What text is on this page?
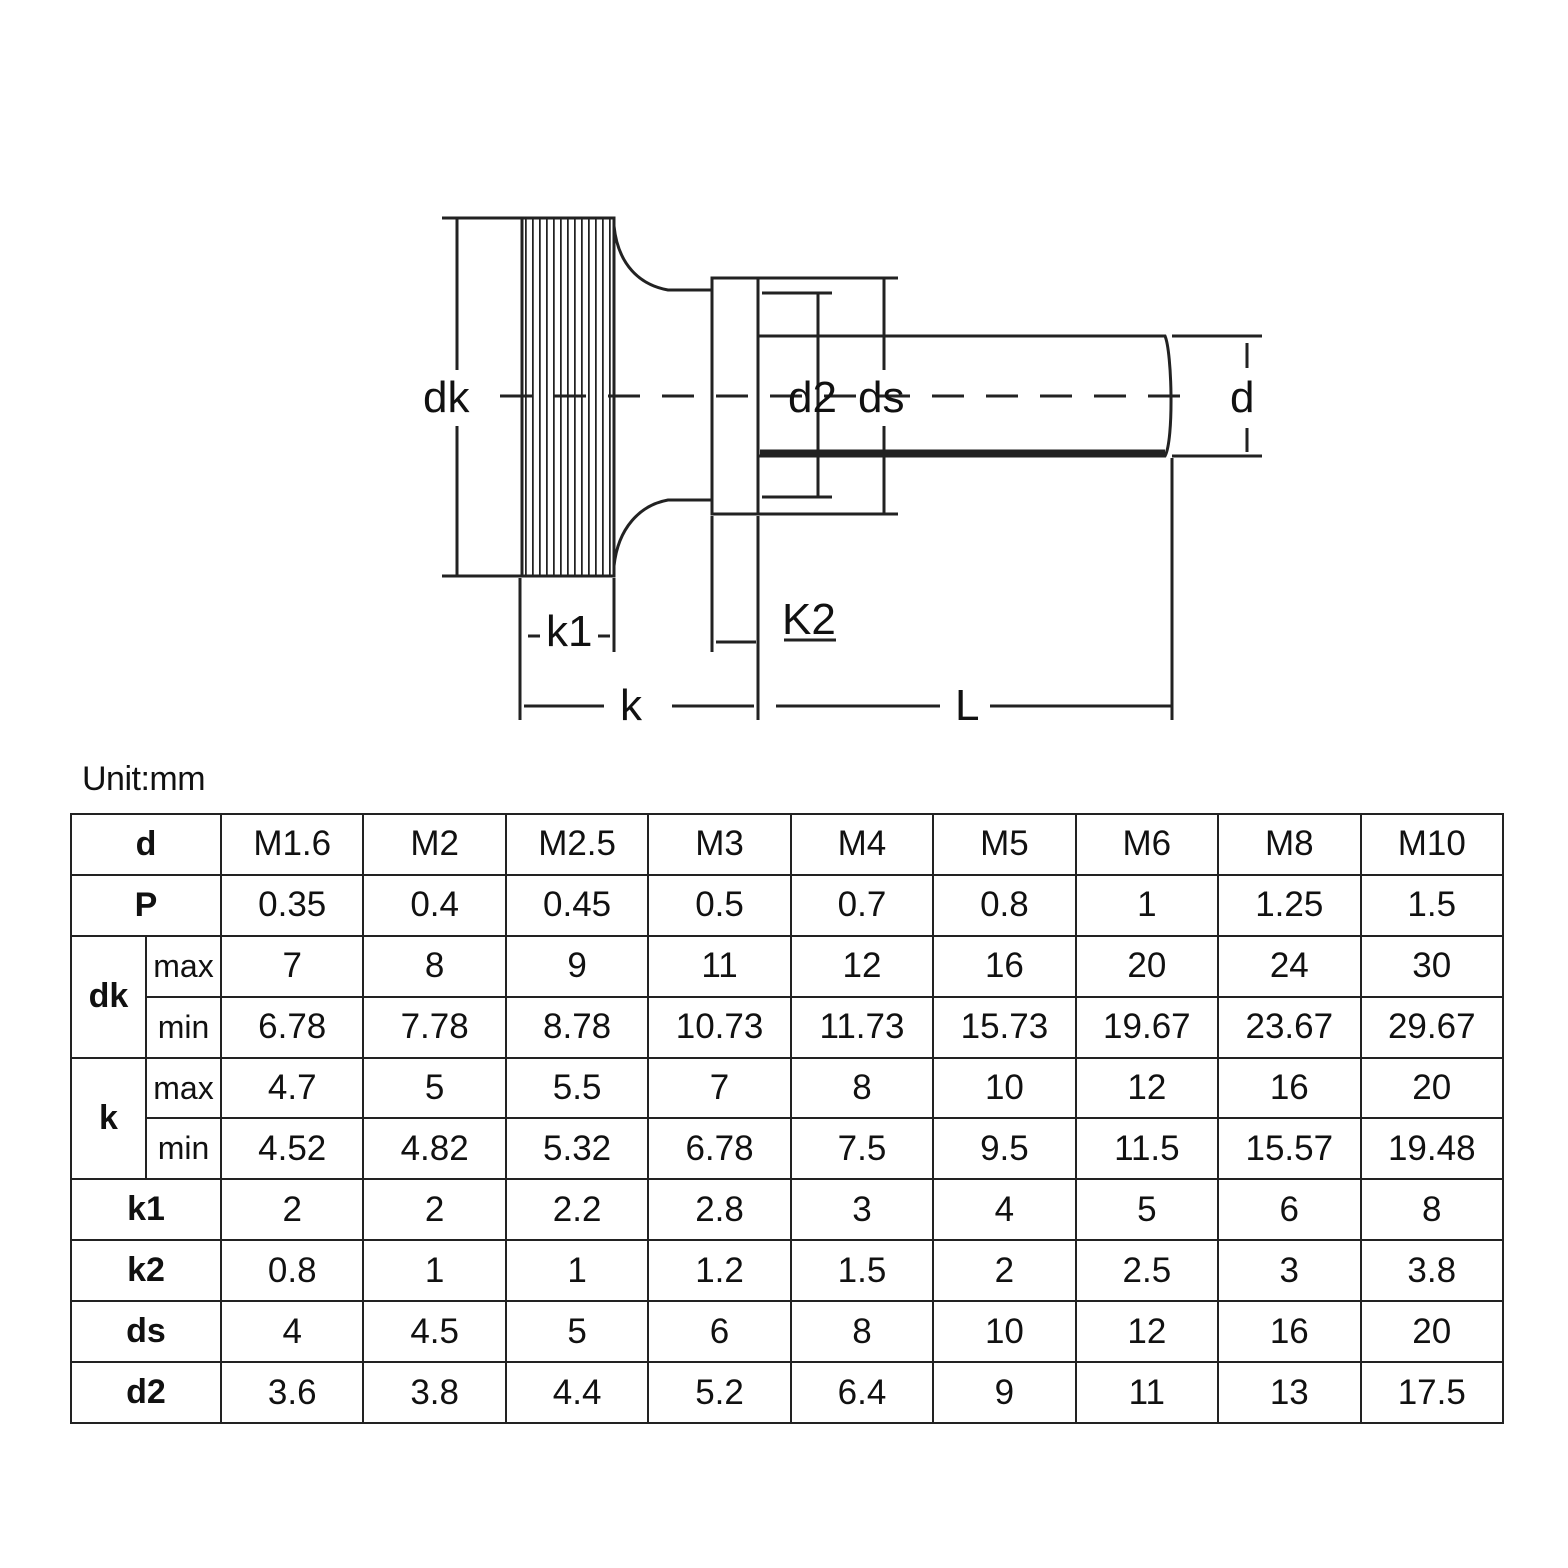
dk	d2 ds	d
k1	K2
k	L
Unit:mm
d		M1.6	M2	M2.5	M3	M4	M5	M6	M8	M10
P		0.35	0.4	0.45	0.5	0.7	0.8	1	1.25	1.5
dk	max	7	8	9	11	12	16	20	24	30
	min	6.78	7.78	8.78	10.73	11.73	15.73	19.67	23.67	29.67
k	max	4.7	5	5.5	7	8	10	12	16	20
	min	4.52	4.82	5.32	6.78	7.5	9.5	11.5	15.57	19.48
k1		2	2	2.2	2.8	3	4	5	6	8
k2		0.8	1	1	1.2	1.5	2	2.5	3	3.8
ds		4	4.5	5	6	8	10	12	16	20
d2		3.6	3.8	4.4	5.2	6.4	9	11	13	17.5
